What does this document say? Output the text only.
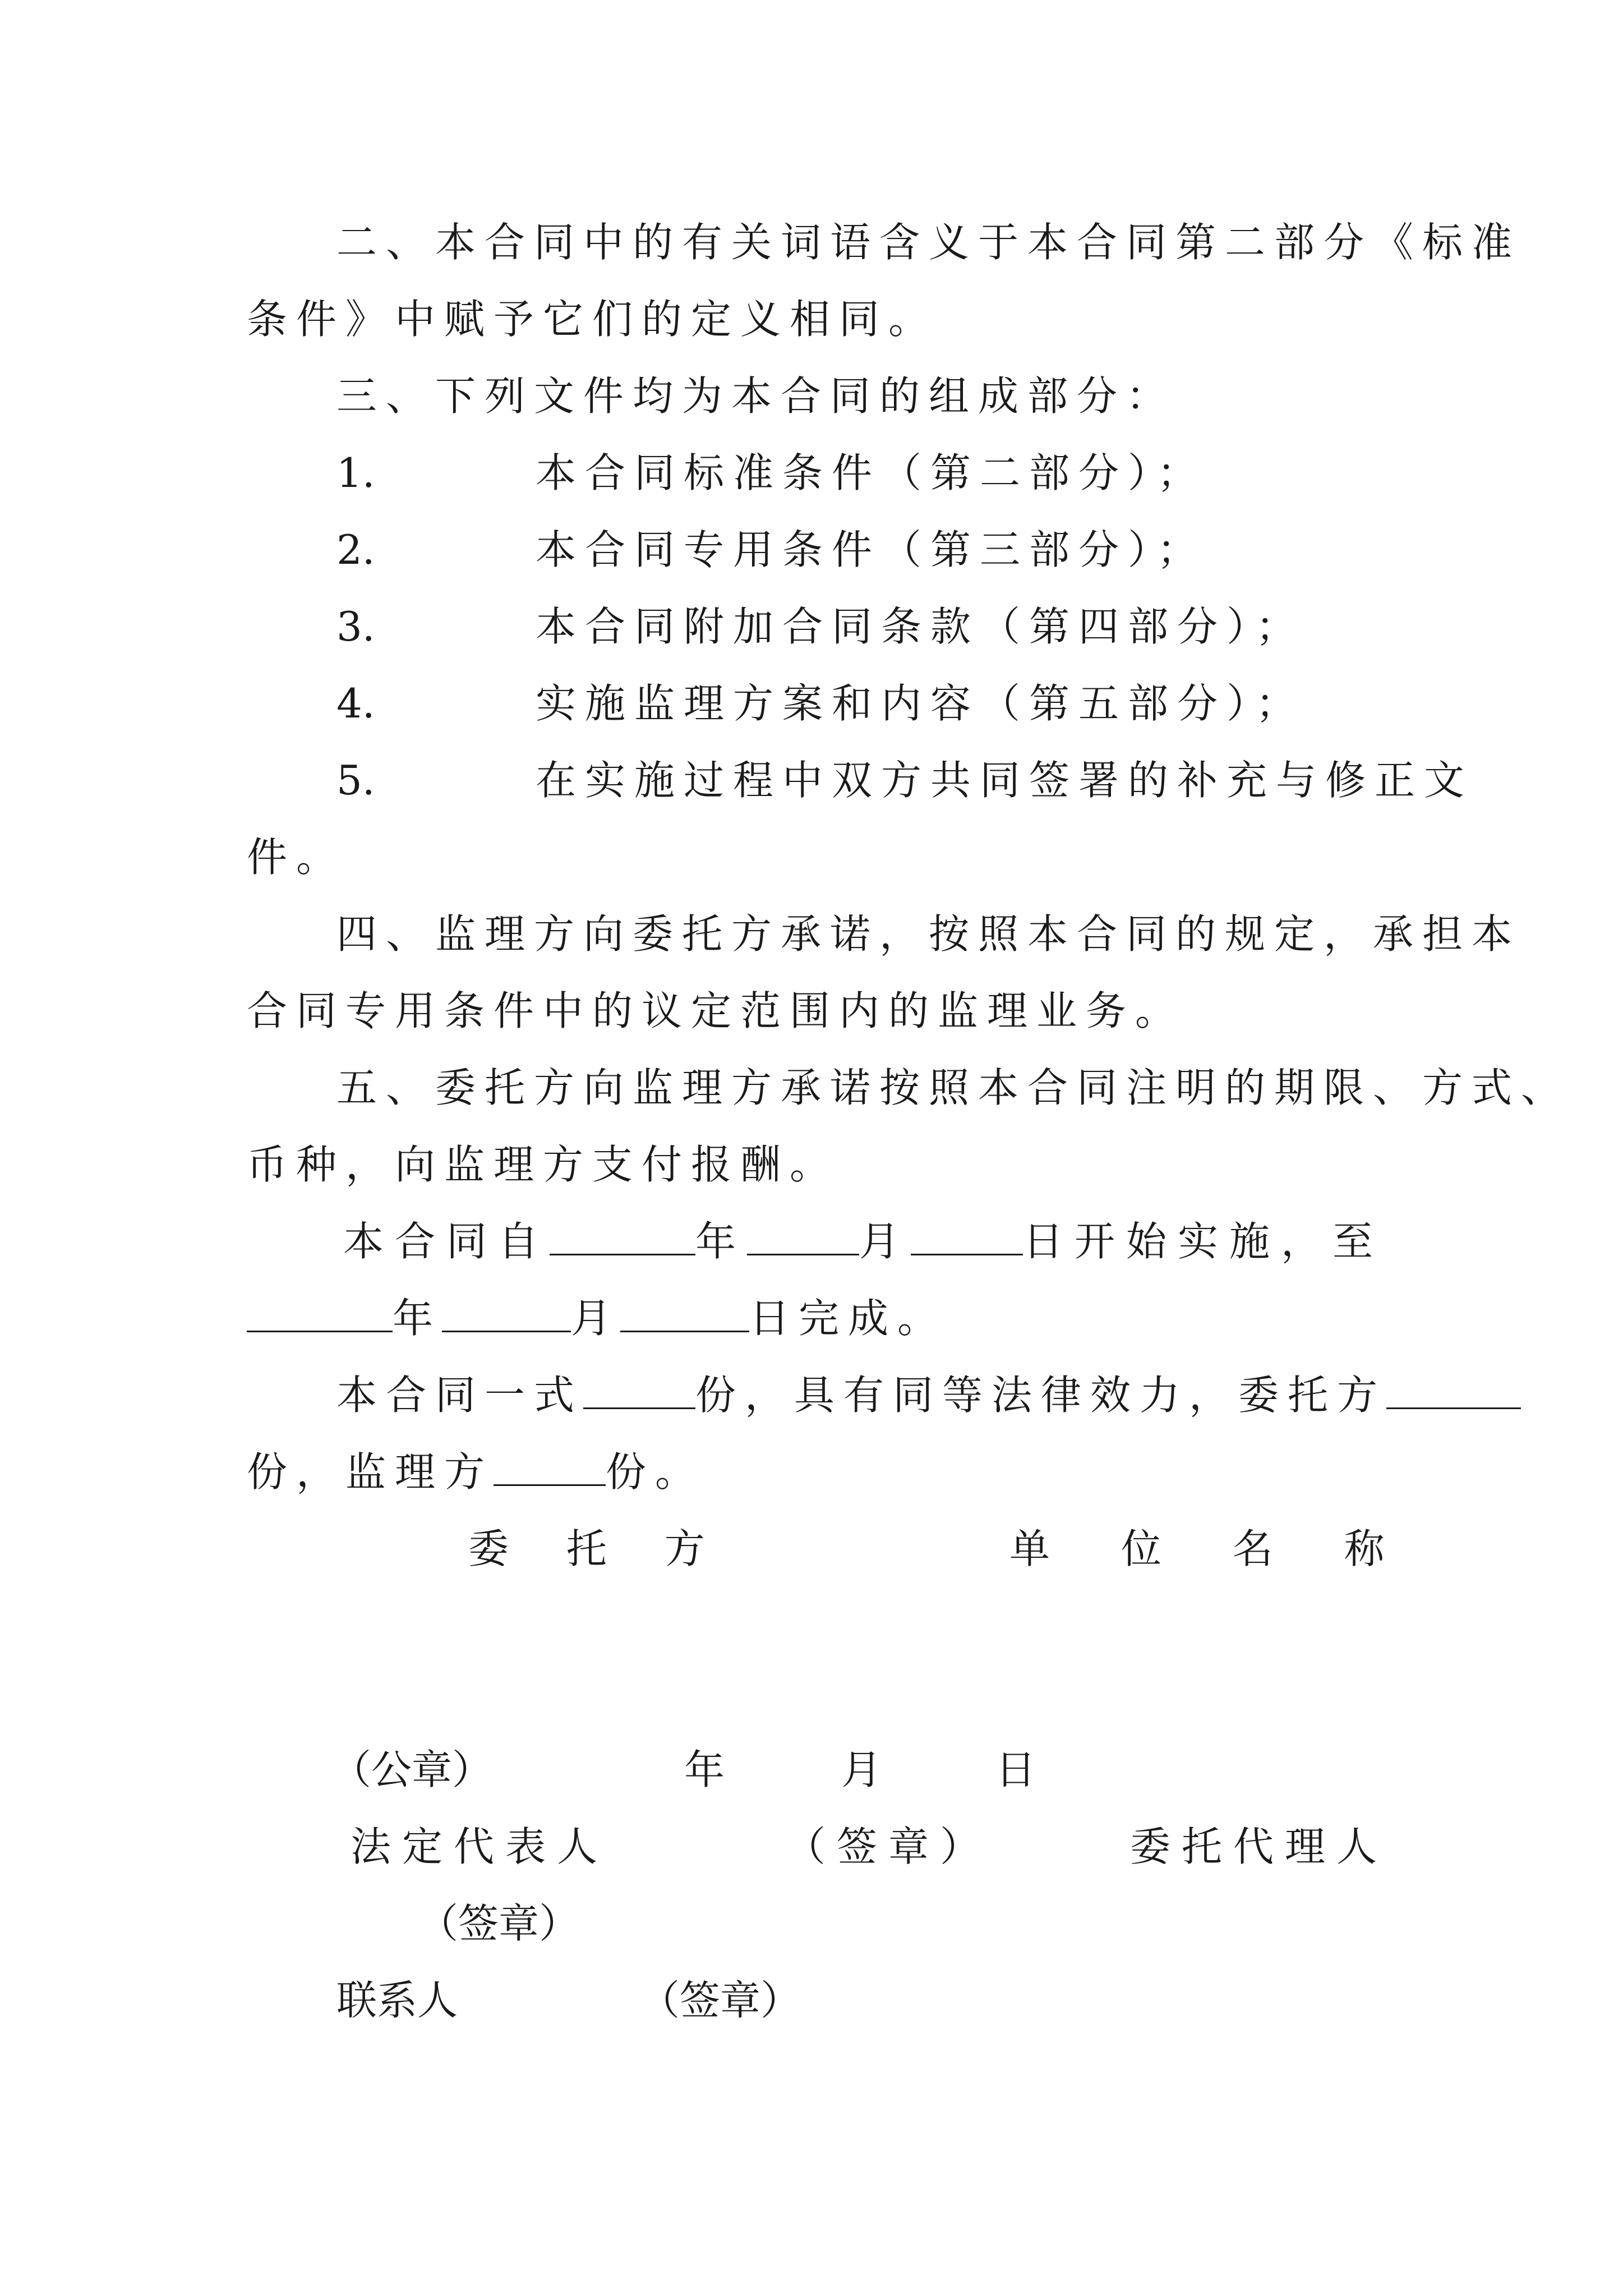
二、本合同中的有关词语含义于本合同第二部分《标准
条件》中赋予它们的定义相同。
三、下列文件均为本合同的组成部分：
1.	本合同标准条件（第二部分）；
2.	本合同专用条件（第三部分）；
3.	本合同附加合同条款（第四部分）；
4.	实施监理方案和内容（第五部分）；
5.	在实施过程中双方共同签署的补充与修正文
件。
四、监理方向委托方承诺，按照本合同的规定，承担本
合同专用条件中的议定范围内的监理业务。
五、委托方向监理方承诺按照本合同注明的期限、方式、
币种，向监理方支付报酬。
本合同自	年	月	日开始实施，至
年	月	日完成。
本合同一式	份，具有同等法律效力，委托方
份，监理方	份。
委 托 方	单 位 名 称
（公章）	年	月	日
法定代表人	（签章）	委托代理人
（签章）
联系人	（签章）
